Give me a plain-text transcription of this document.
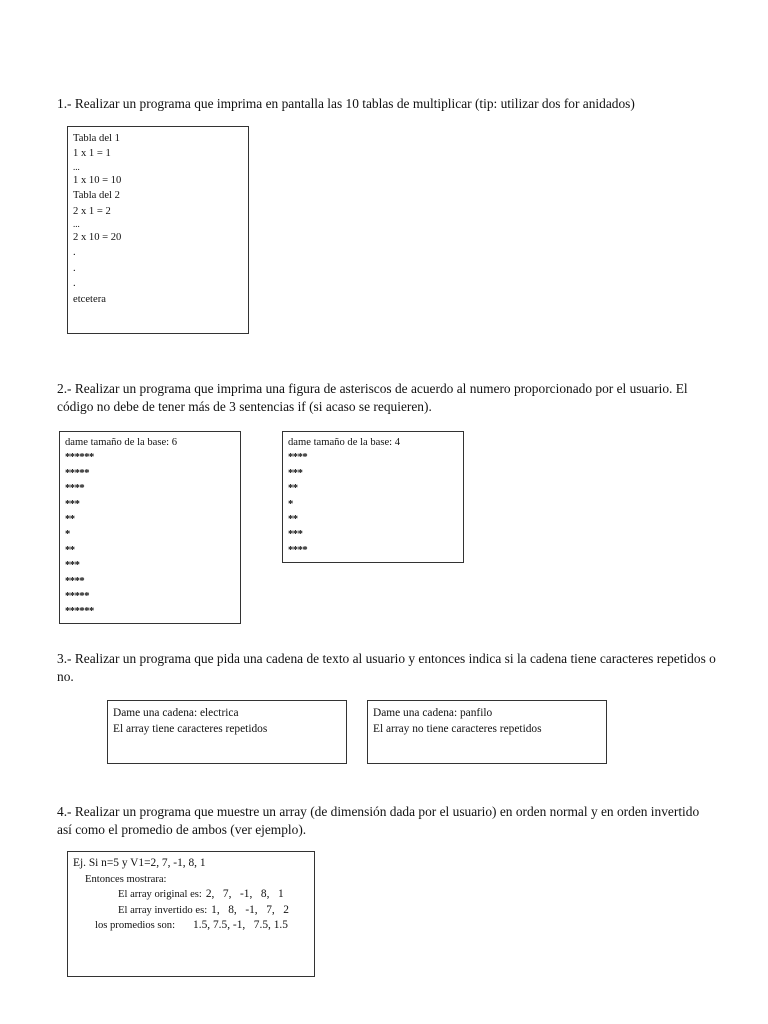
1.- Realizar un programa que imprima en pantalla las 10 tablas de multiplicar (tip: utilizar dos for anidados)

Tabla del 1
1 x 1 = 1
...
1 x 10 = 10
Tabla del 2
2 x 1 = 2
...
2 x 10 = 20
.
.
.
etcetera

2.- Realizar un programa que imprima una figura de asteriscos de acuerdo al numero proporcionado por el usuario. El código no debe de tener más de 3 sentencias if (si acaso se requieren).

dame tamaño de la base: 6
******
*****
****
***
**
*
**
***
****
*****
******
dame tamaño de la base: 4
****
***
**
*
**
***
****

3.- Realizar un programa que pida una cadena de texto al usuario y entonces indica si la cadena tiene caracteres repetidos o no.

Dame una cadena: electrica
El array tiene caracteres repetidos
Dame una cadena: panfilo
El array no tiene caracteres repetidos

4.- Realizar un programa que muestre un array (de dimensión dada por el usuario) en orden normal y en orden invertido así como el promedio de ambos (ver ejemplo).

Ej. Si n=5 y V1=2, 7, -1, 8, 1
Entonces mostrara:
El array original es: 2,   7,   -1,   8,   1
El array invertido es: 1,   8,   -1,   7,   2
los promedios son: 1.5, 7.5, -1,   7.5, 1.5
